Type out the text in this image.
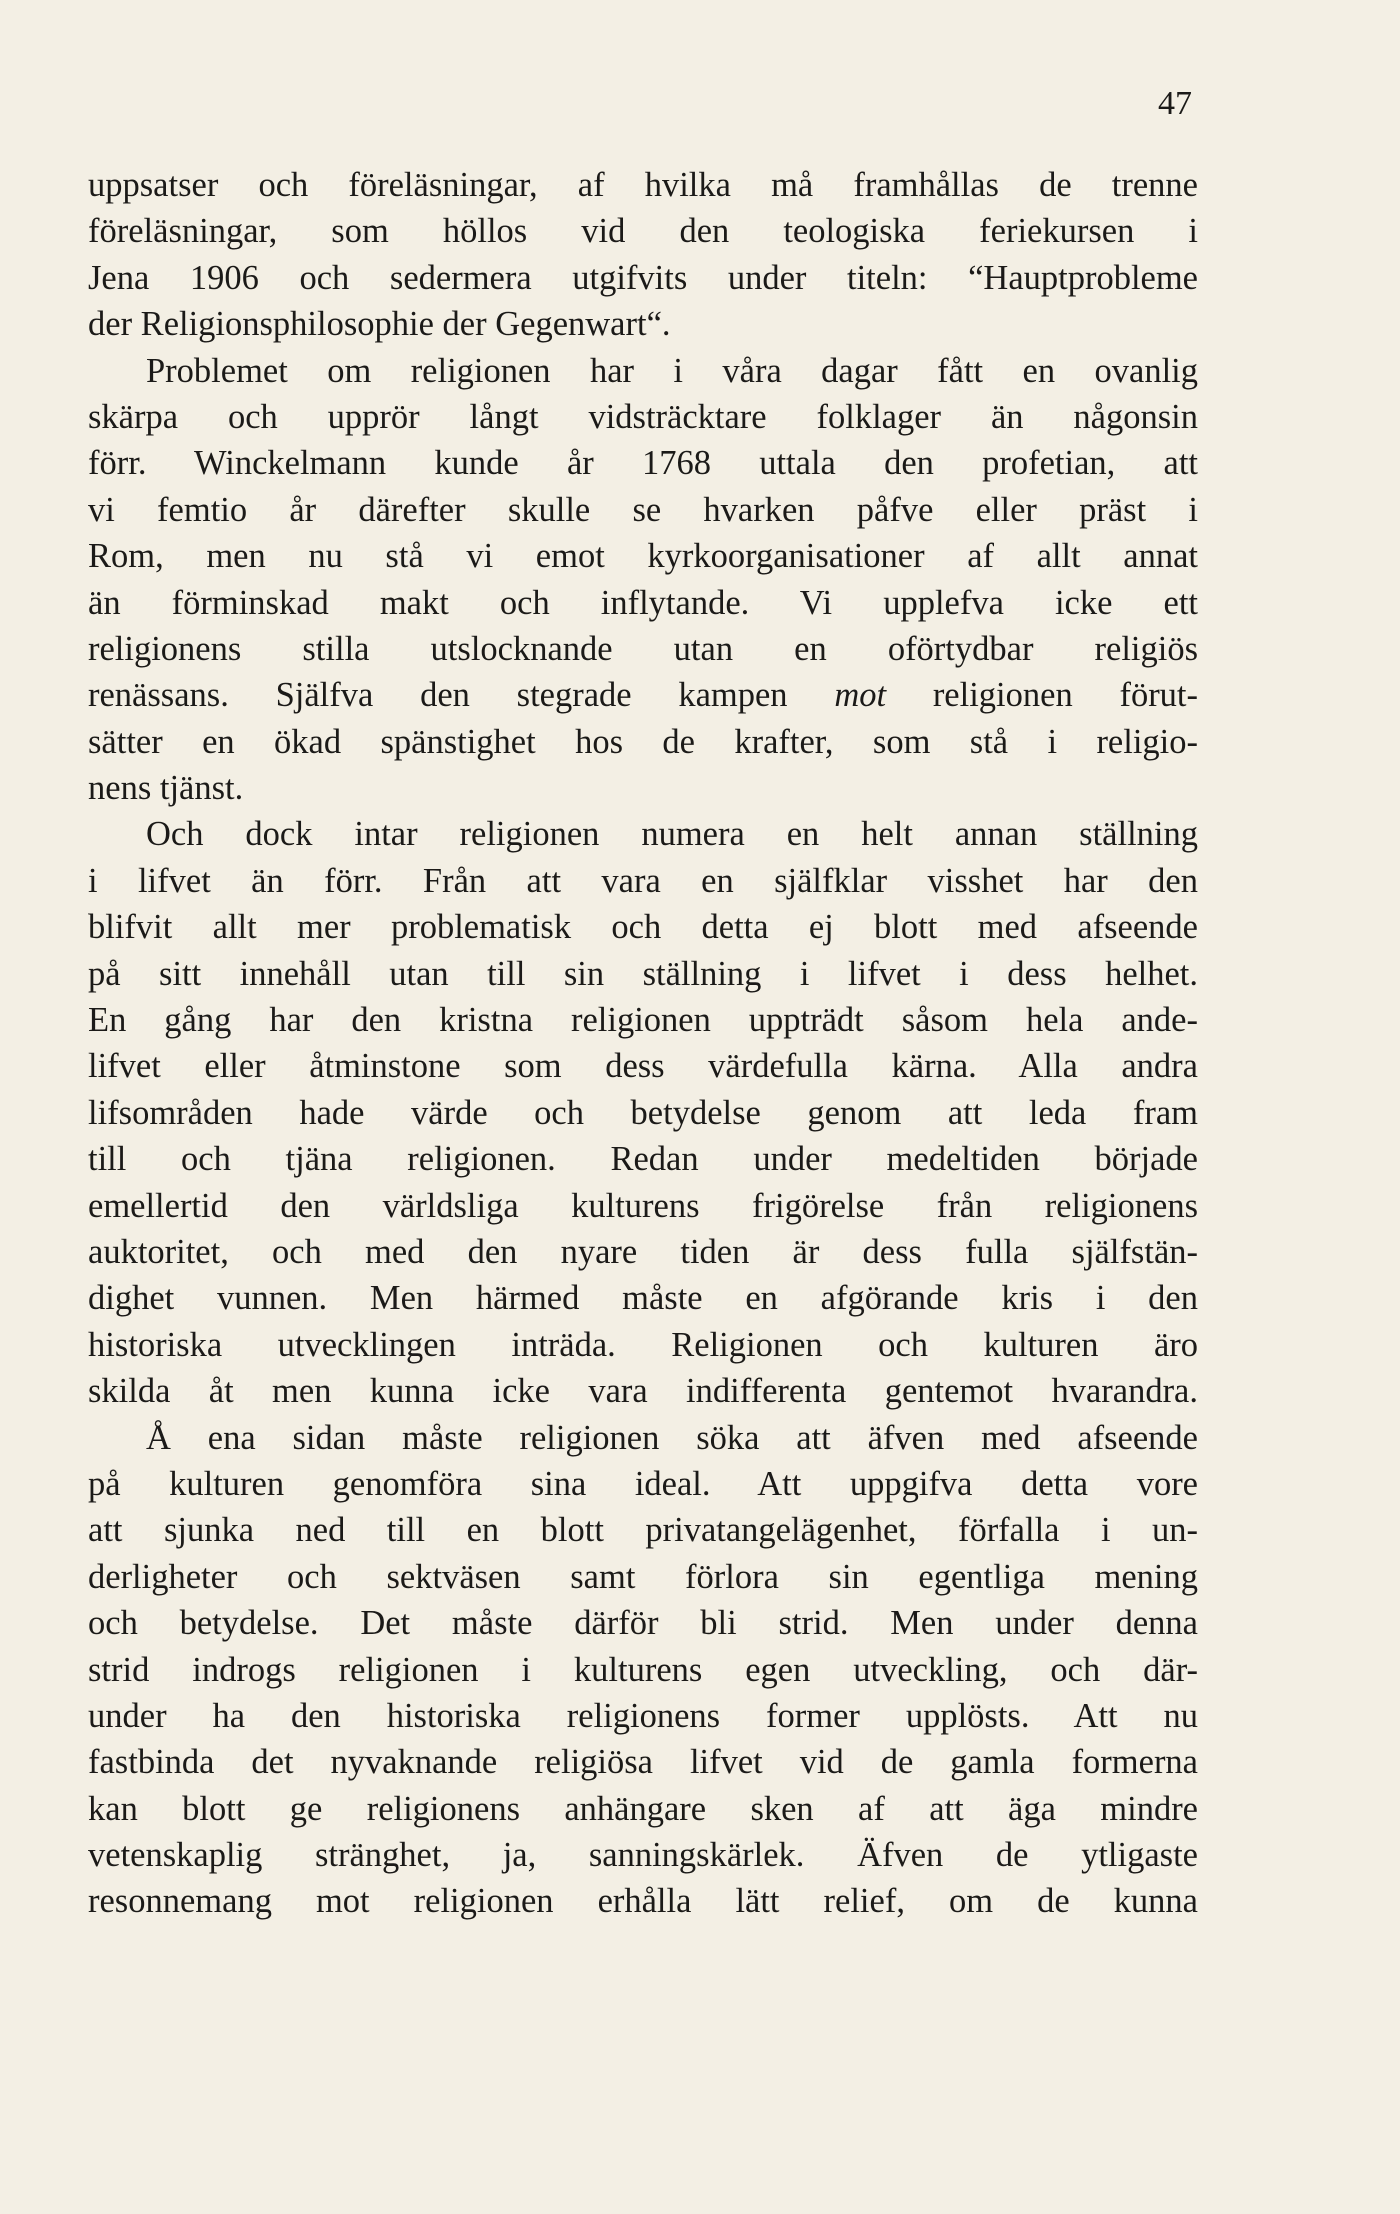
47
uppsatser och föreläsningar, af hvilka må framhållas de trenne
föreläsningar, som höllos vid den teologiska feriekursen i
Jena 1906 och sedermera utgifvits under titeln: “Hauptprobleme
der Religionsphilosophie der Gegenwart“.
Problemet om religionen har i våra dagar fått en ovanlig
skärpa och upprör långt vidsträcktare folklager än någonsin
förr. Winckelmann kunde år 1768 uttala den profetian, att
vi femtio år därefter skulle se hvarken påfve eller präst i
Rom, men nu stå vi emot kyrkoorganisationer af allt annat
än förminskad makt och inflytande. Vi upplefva icke ett
religionens stilla utslocknande utan en oförtydbar religiös
renässans. Själfva den stegrade kampen mot religionen förut-
sätter en ökad spänstighet hos de krafter, som stå i religio-
nens tjänst.
Och dock intar religionen numera en helt annan ställning
i lifvet än förr. Från att vara en själfklar visshet har den
blifvit allt mer problematisk och detta ej blott med afseende
på sitt innehåll utan till sin ställning i lifvet i dess helhet.
En gång har den kristna religionen uppträdt såsom hela ande-
lifvet eller åtminstone som dess värdefulla kärna. Alla andra
lifsområden hade värde och betydelse genom att leda fram
till och tjäna religionen. Redan under medeltiden började
emellertid den världsliga kulturens frigörelse från religionens
auktoritet, och med den nyare tiden är dess fulla själfstän-
dighet vunnen. Men härmed måste en afgörande kris i den
historiska utvecklingen inträda. Religionen och kulturen äro
skilda åt men kunna icke vara indifferenta gentemot hvarandra.
Å ena sidan måste religionen söka att äfven med afseende
på kulturen genomföra sina ideal. Att uppgifva detta vore
att sjunka ned till en blott privatangelägenhet, förfalla i un-
derligheter och sektväsen samt förlora sin egentliga mening
och betydelse. Det måste därför bli strid. Men under denna
strid indrogs religionen i kulturens egen utveckling, och där-
under ha den historiska religionens former upplösts. Att nu
fastbinda det nyvaknande religiösa lifvet vid de gamla formerna
kan blott ge religionens anhängare sken af att äga mindre
vetenskaplig stränghet, ja, sanningskärlek. Äfven de ytligaste
resonnemang mot religionen erhålla lätt relief, om de kunna
